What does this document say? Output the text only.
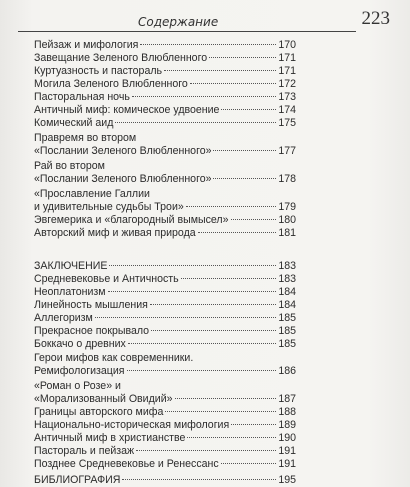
Содержание	223
Пейзаж и мифология	170
Завещание Зеленого Влюбленного	171
Куртуазность и пастораль	171
Могила Зеленого Влюбленного	172
Пасторальная ночь	173
Античный миф: комическое удвоение	174
Комический аид	175
Правремя во втором
«Послании Зеленого Влюбленного»	177
Рай во втором
«Послании Зеленого Влюбленного»	178
«Прославление Галлии
и удивительные судьбы Трои»	179
Эвгемерика и «благородный вымысел»	180
Авторский миф и живая природа	181
ЗАКЛЮЧЕНИЕ	183
Средневековье и Античность	183
Неоплатонизм	184
Линейность мышления	184
Аллегоризм	185
Прекрасное покрывало	185
Боккачо о древних	185
Герои мифов как современники.
Ремифологизация	186
«Роман о Розе» и
«Морализованный Овидий»	187
Границы авторского мифа	188
Национально-историческая мифология	189
Античный миф в христианстве	190
Пастораль и пейзаж	191
Позднее Средневековье и Ренессанс	191
БИБЛИОГРАФИЯ	195
